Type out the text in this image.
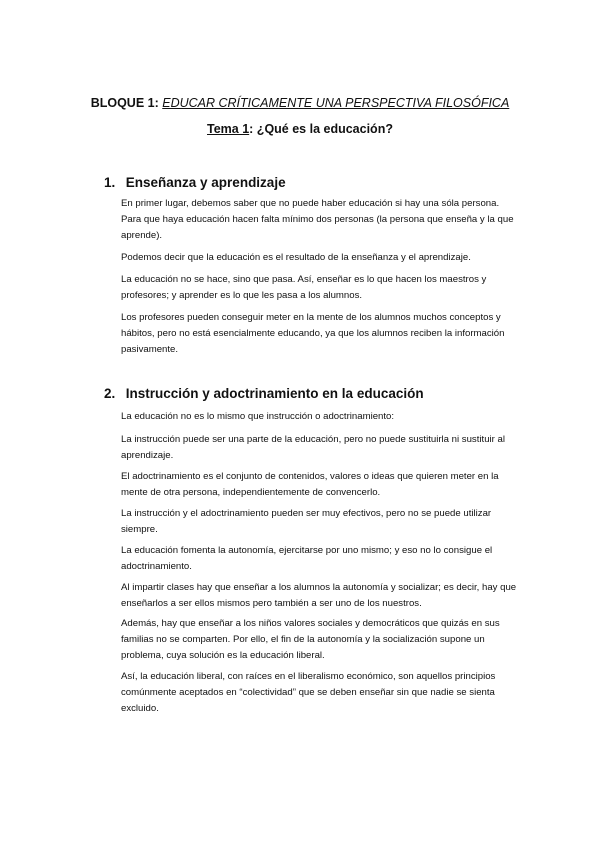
BLOQUE 1: EDUCAR CRÍTICAMENTE UNA PERSPECTIVA FILOSÓFICA
Tema 1: ¿Qué es la educación?
1. Enseñanza y aprendizaje

En primer lugar, debemos saber que no puede haber educación si hay una sóla persona. Para que haya educación hacen falta mínimo dos personas (la persona que enseña y la que aprende).

Podemos decir que la educación es el resultado de la enseñanza y el aprendizaje.

La educación no se hace, sino que pasa. Así, enseñar es lo que hacen los maestros y profesores; y aprender es lo que les pasa a los alumnos.

Los profesores pueden conseguir meter en la mente de los alumnos muchos conceptos y hábitos, pero no está esencialmente educando, ya que los alumnos reciben la información pasivamente.

2. Instrucción y adoctrinamiento en la educación

La educación no es lo mismo que instrucción o adoctrinamiento:

La instrucción puede ser una parte de la educación, pero no puede sustituirla ni sustituir al aprendizaje.

El adoctrinamiento es el conjunto de contenidos, valores o ideas que quieren meter en la mente de otra persona, independientemente de convencerlo.

La instrucción y el adoctrinamiento pueden ser muy efectivos, pero no se puede utilizar siempre.

La educación fomenta la autonomía, ejercitarse por uno mismo; y eso no lo consigue el adoctrinamiento.

Al impartir clases hay que enseñar a los alumnos la autonomía y socializar; es decir, hay que enseñarlos a ser ellos mismos pero también a ser uno de los nuestros.

Además, hay que enseñar a los niños valores sociales y democráticos que quizás en sus familias no se comparten. Por ello, el fin de la autonomía y la socialización supone un problema, cuya solución es la educación liberal.

Así, la educación liberal, con raíces en el liberalismo económico, son aquellos principios comúnmente aceptados en “colectividad” que se deben enseñar sin que nadie se sienta excluido.
